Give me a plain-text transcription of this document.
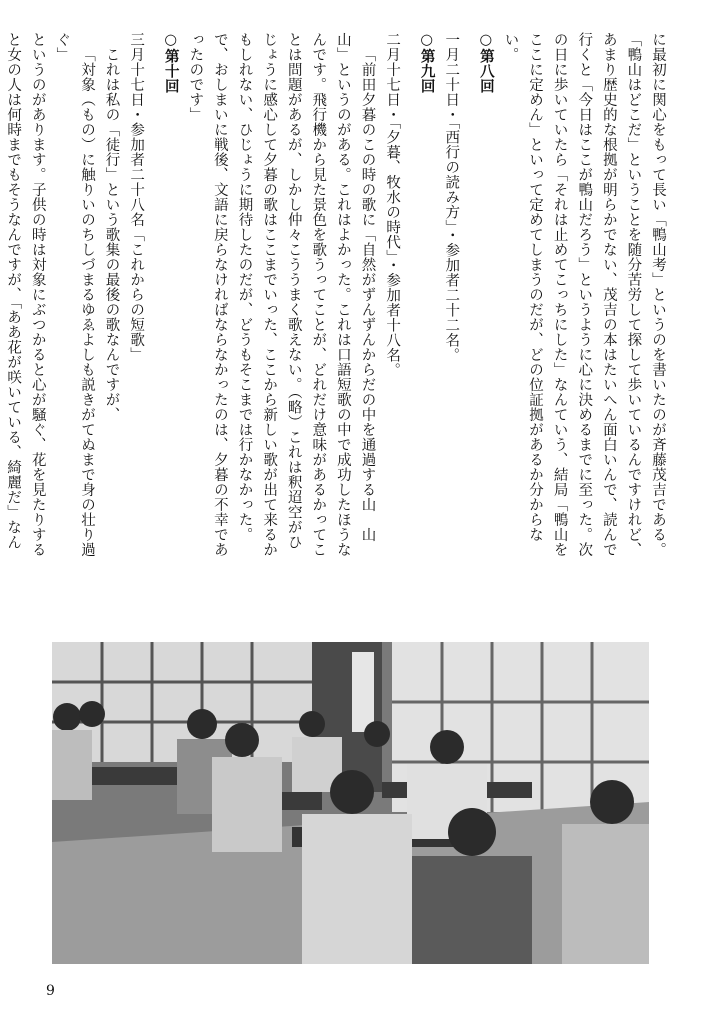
に最初に関心をもって長い「鴨山考」というのを書いたのが斉藤茂吉である。「鴨山はどこだ」ということを随分苦労して探して歩いているんですけれど、あまり歴史的な根拠が明らかでない、茂吉の本はたいへん面白いんで、読んで行くと「今日はここが鴨山だろう」というように心に決めるまでに至った。次の日に歩いていたら「それは止めてこっちにした」なんていう、結局「鴨山をここに定めん」といって定めてしまうのだが、どの位証拠があるか分からない。

○第八回

一月二十日・「西行の読み方」・参加者二十二名。

○第九回

二月十七日・「夕暮、牧水の時代」・参加者十八名。

「前田夕暮のこの時の歌に「自然がずんずんからだの中を通過する山　山　山」というのがある。これはよかった。これは口語短歌の中で成功したほうなんです。飛行機から見た景色を歌うってことが、どれだけ意味があるかってことは問題があるが、しかし仲々こううまく歌えない。（略）これは釈迢空がひじょうに感心して夕暮の歌はここまでいった、ここから新しい歌が出て来るかもしれない、ひじょうに期待したのだが、どうもそこまでは行かなかった。で、おしまいに戦後、文語に戻らなければならなかったのは、夕暮の不幸であったのです」

○第十回

三月十七日・参加者二十八名「これからの短歌」

これは私の「徒行」という歌集の最後の歌なんですが、

「対象（もの）に触りいのちしづまるゆゑよしも説きがてぬまで身の壮り過ぐ」

というのがあります。子供の時は対象にぶつかると心が騒ぐ、花を見たりすると女の人は何時までもそうなんですが、「ああ花が咲いている、綺麗だ」なん

9
